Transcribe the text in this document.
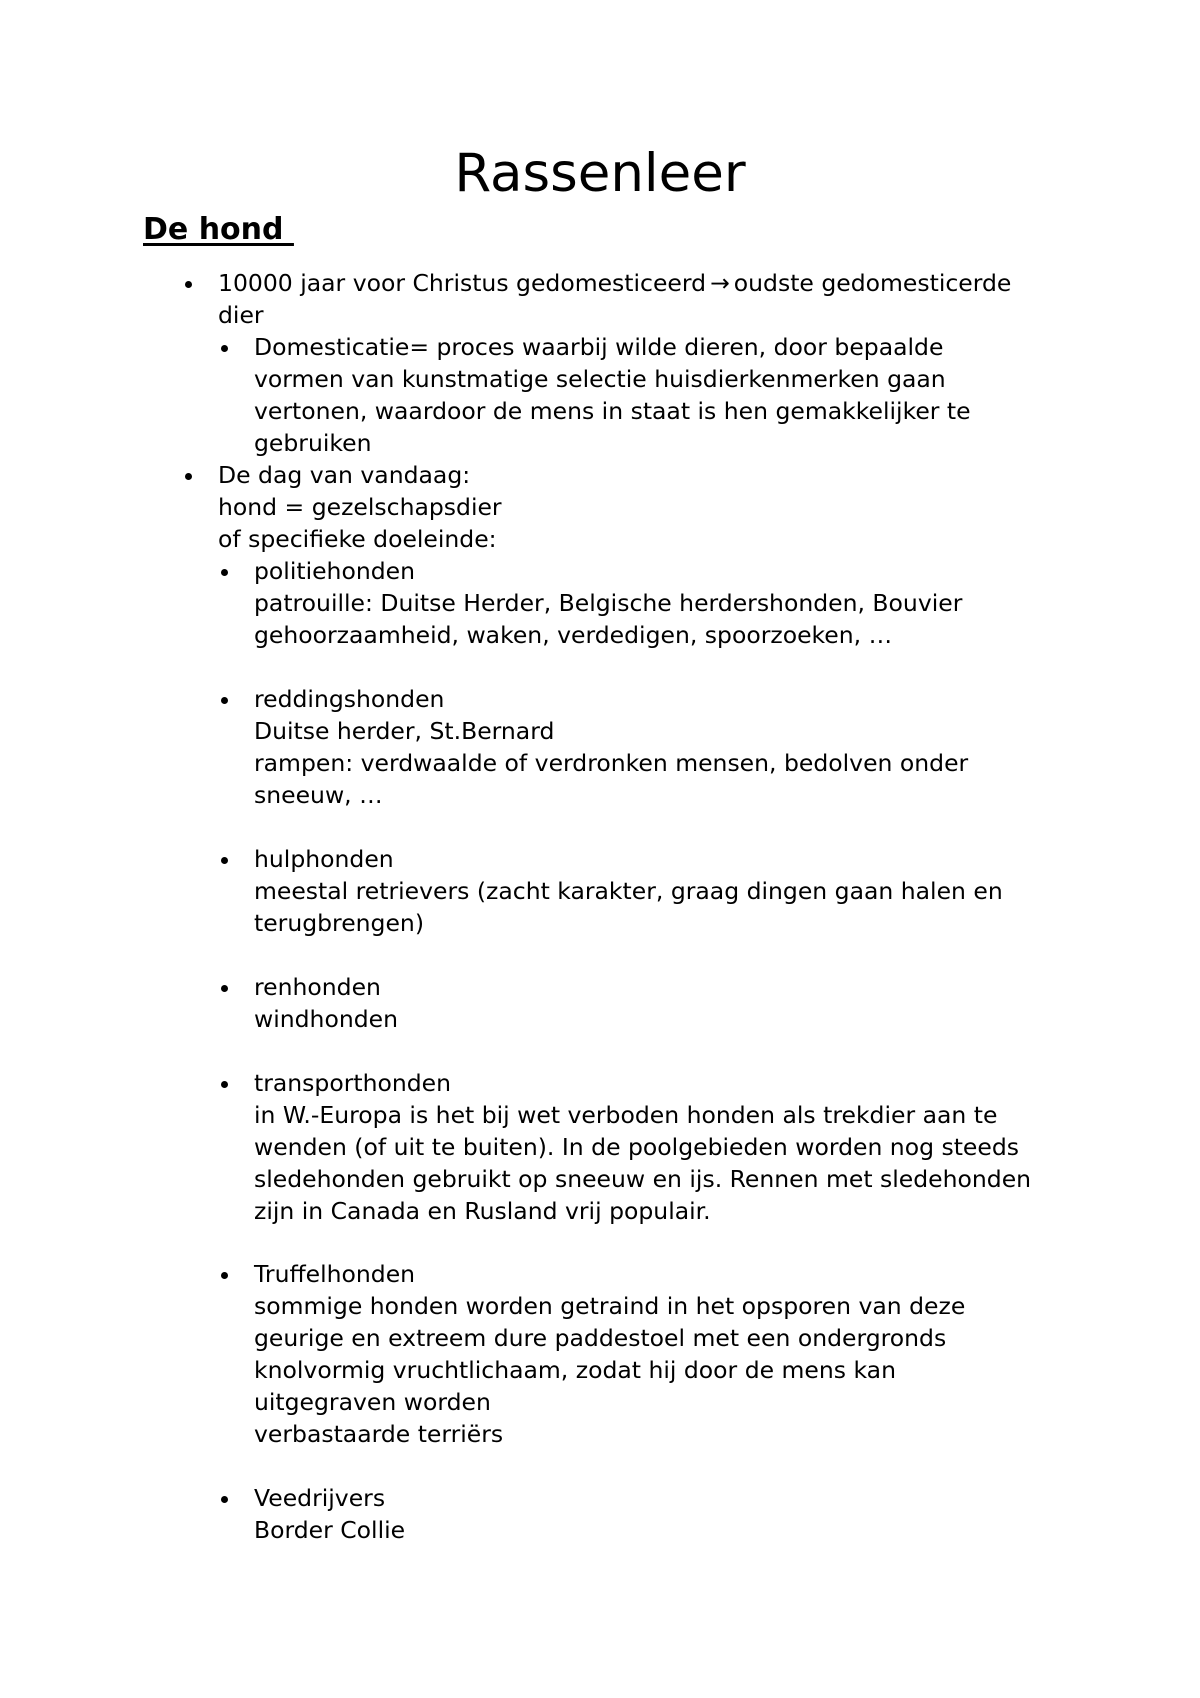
Rassenleer
De hond
10000 jaar voor Christus gedomesticeerd → oudste gedomesticerde
dier
Domesticatie= proces waarbij wilde dieren, door bepaalde
vormen van kunstmatige selectie huisdierkenmerken gaan
vertonen, waardoor de mens in staat is hen gemakkelijker te
gebruiken
De dag van vandaag:
hond = gezelschapsdier
of specifieke doeleinde:
politiehonden
patrouille: Duitse Herder, Belgische herdershonden, Bouvier
gehoorzaamheid, waken, verdedigen, spoorzoeken, …
reddingshonden
Duitse herder, St.Bernard
rampen: verdwaalde of verdronken mensen, bedolven onder
sneeuw, …
hulphonden
meestal retrievers (zacht karakter, graag dingen gaan halen en
terugbrengen)
renhonden
windhonden
transporthonden
in W.-Europa is het bij wet verboden honden als trekdier aan te
wenden (of uit te buiten). In de poolgebieden worden nog steeds
sledehonden gebruikt op sneeuw en ijs. Rennen met sledehonden
zijn in Canada en Rusland vrij populair.
Truffelhonden
sommige honden worden getraind in het opsporen van deze
geurige en extreem dure paddestoel met een ondergronds
knolvormig vruchtlichaam, zodat hij door de mens kan
uitgegraven worden
verbastaarde terriërs
Veedrijvers
Border Collie
